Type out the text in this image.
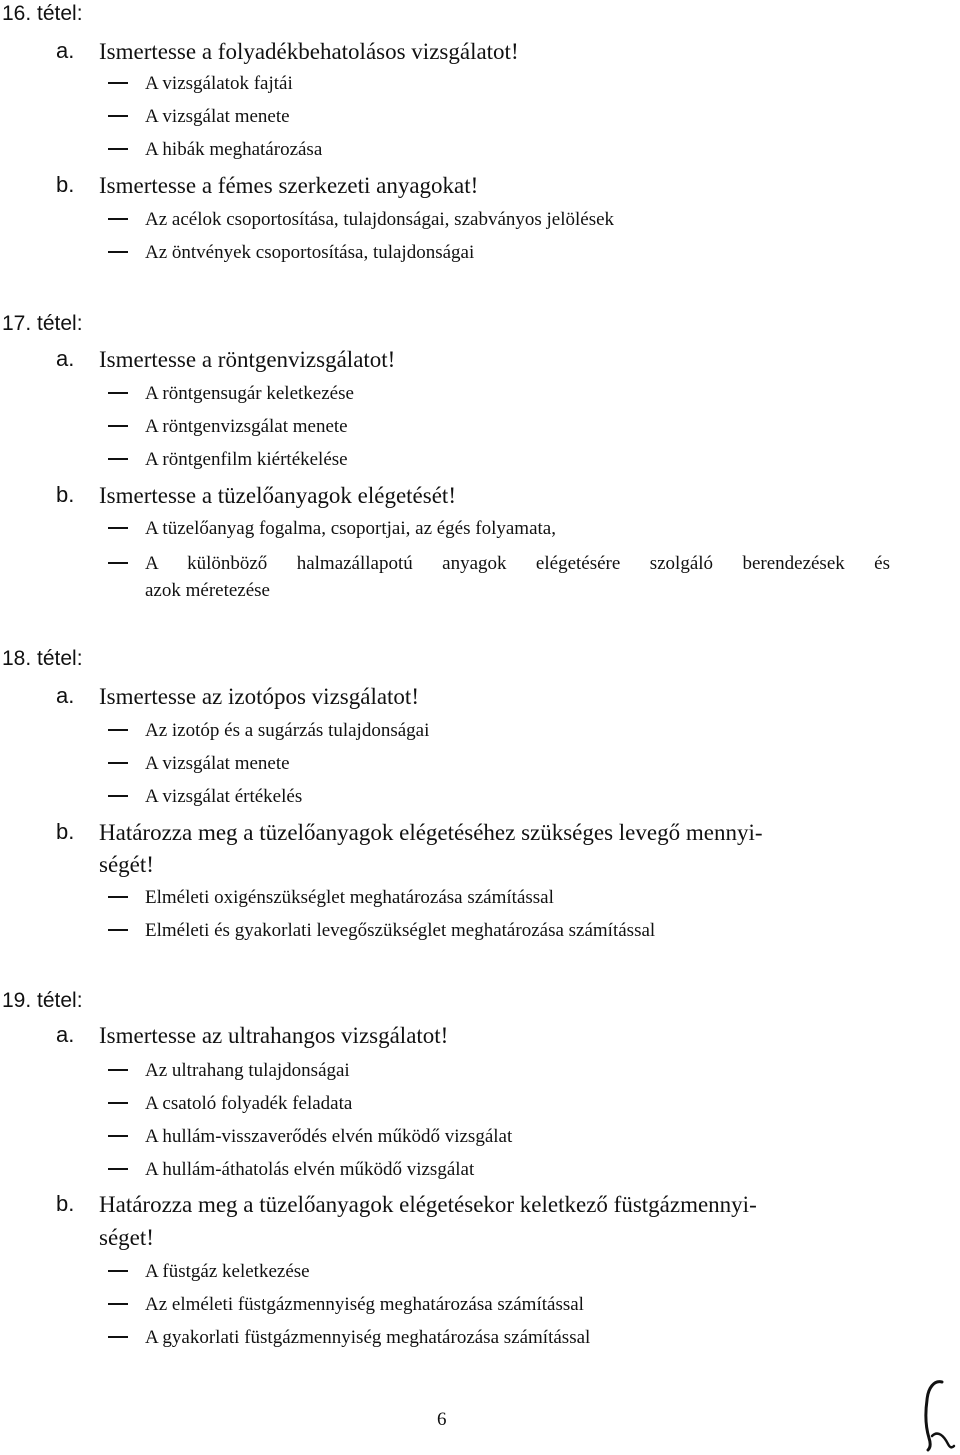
16. tétel:
a. Ismertesse a folyadékbehatolásos vizsgálatot!
A vizsgálatok fajtái
A vizsgálat menete
A hibák meghatározása
b. Ismertesse a fémes szerkezeti anyagokat!
Az acélok csoportosítása, tulajdonságai, szabványos jelölések
Az öntvények csoportosítása, tulajdonságai
17. tétel:
a. Ismertesse a röntgenvizsgálatot!
A röntgensugár keletkezése
A röntgenvizsgálat menete
A röntgenfilm kiértékelése
b. Ismertesse a tüzelőanyagok elégetését!
A tüzelőanyag fogalma, csoportjai, az égés folyamata,
A különböző halmazállapotú anyagok elégetésére szolgáló berendezések és
azok méretezése
18. tétel:
a. Ismertesse az izotópos vizsgálatot!
Az izotóp és a sugárzás tulajdonságai
A vizsgálat menete
A vizsgálat értékelés
b. Határozza meg a tüzelőanyagok elégetéséhez szükséges levegő mennyi-
ségét!
Elméleti oxigénszükséglet meghatározása számítással
Elméleti és gyakorlati levegőszükséglet meghatározása számítással
19. tétel:
a. Ismertesse az ultrahangos vizsgálatot!
Az ultrahang tulajdonságai
A csatoló folyadék feladata
A hullám-visszaverődés elvén működő vizsgálat
A hullám-áthatolás elvén működő vizsgálat
b. Határozza meg a tüzelőanyagok elégetésekor keletkező füstgázmennyi-
séget!
A füstgáz keletkezése
Az elméleti füstgázmennyiség meghatározása számítással
A gyakorlati füstgázmennyiség meghatározása számítással
6
